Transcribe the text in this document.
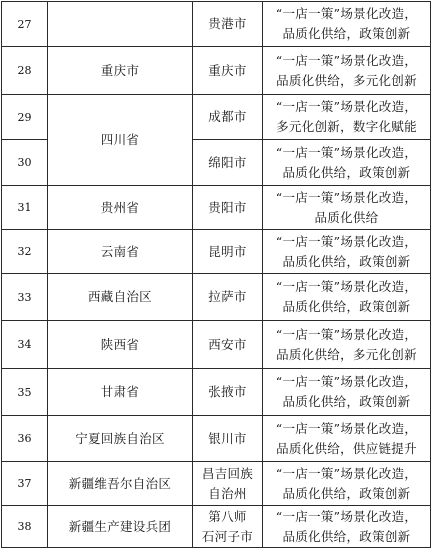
27		贵港市	“一店一策”场景化改造，
品质化供给，政策创新

28	重庆市	重庆市	“一店一策”场景化改造，
品质化供给，多元化创新

29	四川省	成都市	“一店一策”场景化改造，
多元化创新，数字化赋能

30		绵阳市	“一店一策”场景化改造，
品质化供给，政策创新

31	贵州省	贵阳市	“一店一策”场景化改造，
品质化供给

32	云南省	昆明市	“一店一策”场景化改造，
品质化供给，政策创新

33	西藏自治区	拉萨市	“一店一策”场景化改造，
品质化供给，政策创新

34	陕西省	西安市	“一店一策”场景化改造，
品质化供给，多元化创新

35	甘肃省	张掖市	“一店一策”场景化改造，
品质化供给，政策创新

36	宁夏回族自治区	银川市	“一店一策”场景化改造，
品质化供给，供应链提升

37	新疆维吾尔自治区	昌吉回族
自治州	“一店一策”场景化改造，
品质化供给，政策创新

38	新疆生产建设兵团	第八师
石河子市	“一店一策”场景化改造，
品质化供给，政策创新
